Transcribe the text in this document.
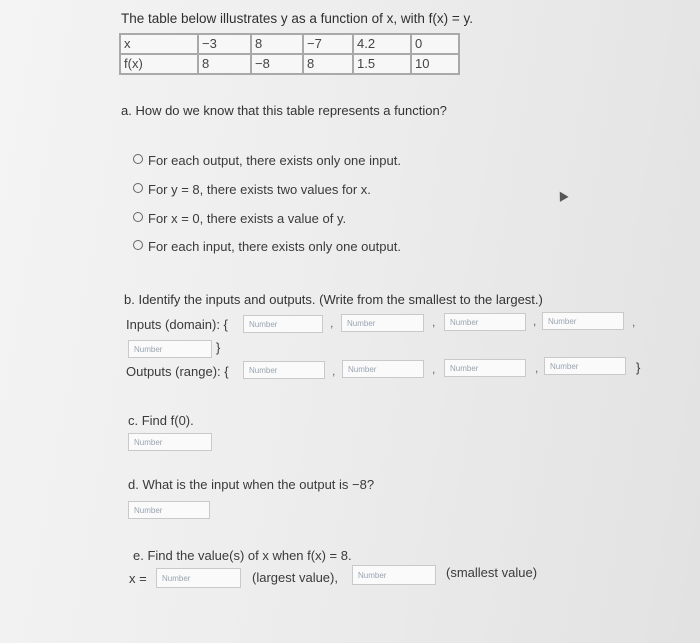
The table below illustrates y as a function of x, with f(x) = y.
x	−3	8	−7	4.2	0
f(x)	8	−8	8	1.5	10
a. How do we know that this table represents a function?
For each output, there exists only one input.
For y = 8, there exists two values for x.
For x = 0, there exists a value of y.
For each input, there exists only one output.
b. Identify the inputs and outputs. (Write from the smallest to the largest.)
Inputs (domain): {	Number	,	Number	,	Number	,	Number	,
Number	}
Outputs (range): {	Number	,	Number	,	Number	,	Number	}
c. Find f(0).
Number
d. What is the input when the output is −8?
Number
e. Find the value(s) of x when f(x) = 8.
x =	Number	(largest value),	Number	(smallest value)
